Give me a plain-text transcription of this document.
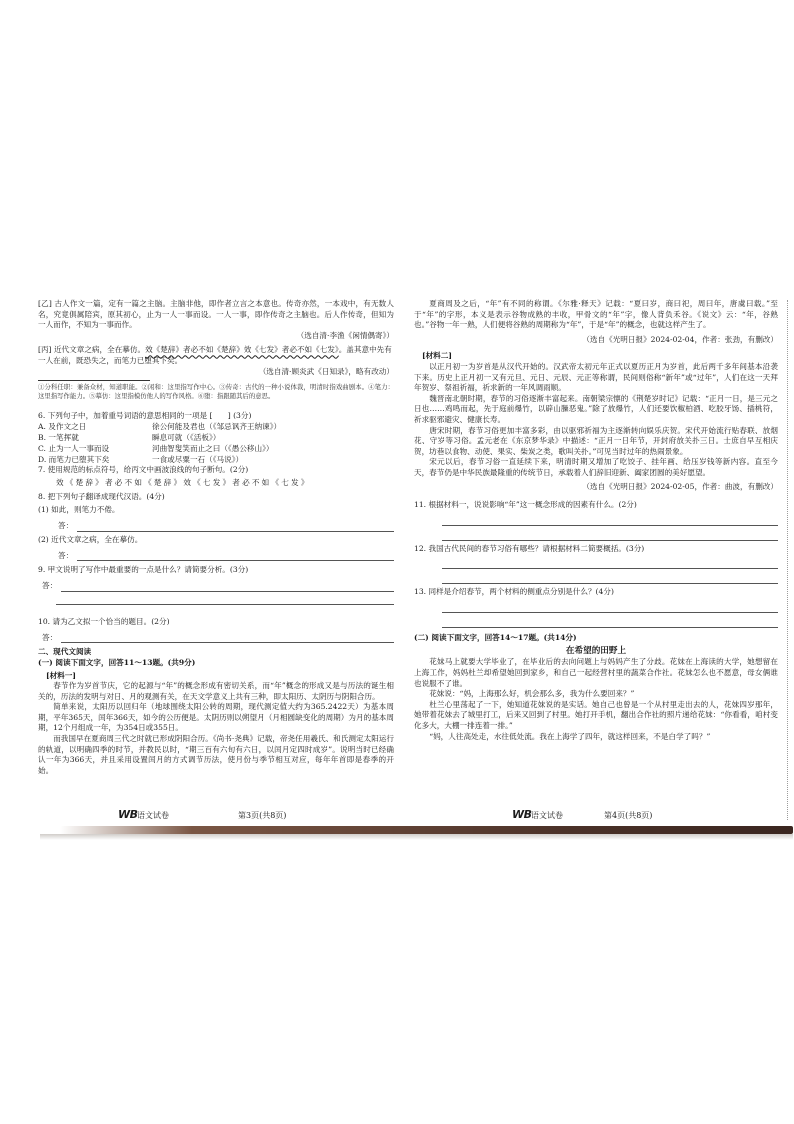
[乙] 古人作文一篇，定有一篇之主脑。主脑非他，即作者立言之本意也。传奇亦然，一本戏中，有无数人名，究竟俱属陪宾，原其初心，止为一人一事而设。一人一事，即作传奇之主脑也。后人作传奇，但知为一人而作，不知为一事而作。
（选自清·李渔《闲情偶寄》）
[丙] 近代文章之病，全在摹仿。效《楚辞》者必不如《楚辞》效《七发》者必不如《七发》。盖其意中先有一人在前，既恐失之，而笔力已堕其下矣。
（选自清·顾炎武《日知录》，略有改动）
①分科任职：兼备众材，知道职能。②闲和：这里指写作中心。③传奇：古代的一种小说体裁，明清时指戏曲剧本。④笔力：这里指写作能力。⑤摹仿：这里指模仿他人的写作风格。⑥堕：指跟随其后的意思。
6. 下列句子中，加着重号词语的意思相同的一项是 [　　] (3分)
A. 及作文之日	徐公何能及君也（《邹忌讽齐王纳谏》）
B. 一笔挥就	瞬息可就（《活板》）
C. 止为一人一事而设	河曲智叟笑而止之曰（《愚公移山》）
D. 而笔力已堕其下矣	一食或尽粟一石（《马说》）
7. 使用规范的标点符号，给丙文中画波浪线的句子断句。(2分)
效《楚辞》者必不如《楚辞》效《七发》者必不如《七发》
8. 把下列句子翻译成现代汉语。(4分)
(1) 如此，则笔力不倦。
答：
(2) 近代文章之病，全在摹仿。
答：
9. 甲文说明了写作中最重要的一点是什么？请简要分析。(3分)
答：
10. 请为乙文拟一个恰当的题目。(2分)
答：
二、现代文阅读
(一) 阅读下面文字，回答11～13题。(共9分)
[材料一]
春节作为岁首节庆，它的起源与“年”的概念形成有密切关系，而“年”概念的形成又是与历法的诞生相关的，历法的发明与对日、月的观测有关，在天文学意义上共有三种，即太阳历、太阴历与阴阳合历。
简单来说，太阳历以回归年（地球围绕太阳公转的周期，现代测定值大约为365.2422天）为基本周期，平年365天，闰年366天，如今的公历便是。太阴历则以朔望月（月相圆缺变化的周期）为月的基本周期，12个月组成一年，为354日或355日。
而我国早在夏商周三代之时就已形成阴阳合历。《尚书·尧典》记载，帝尧任用羲氏、和氏测定太阳运行的轨道，以明确四季的时节，并教民以时，“期三百有六旬有六日，以闰月定四时成岁”。说明当时已经确认一年为366天，并且采用设置闰月的方式调节历法，使月份与季节相互对应，每年年首即是春季的开始。
夏商周及之后，“年”有不同的称谓。《尔雅·释天》记载：“夏曰岁，商曰祀，周曰年，唐虞曰载。”至于“年”的字形，本义是表示谷物成熟的丰收，甲骨文的“年”字，像人背负禾谷。《说文》云：“年，谷熟也。”谷物一年一熟，人们便将谷熟的周期称为“年”，于是“年”的概念，也就这样产生了。
（选自《光明日报》2024-02-04，作者：张劲，有删改）
[材料二]
以正月初一为岁首是从汉代开始的。汉武帝太初元年正式以夏历正月为岁首，此后两千多年间基本沿袭下来。历史上正月初一又有元旦、元日、元辰、元正等称谓，民间则俗称“新年”或“过年”，人们在这一天拜年贺岁、祭祖祈福，祈求新的一年风调雨顺。
魏晋南北朝时期，春节的习俗逐渐丰富起来。南朝梁宗懔的《荆楚岁时记》记载：“正月一日，是三元之日也……鸡鸣而起，先于庭前爆竹，以辟山臊恶鬼。”除了放爆竹，人们还要饮椒柏酒、吃胶牙饧、插桃符，祈求驱邪避灾、健康长寿。
唐宋时期，春节习俗更加丰富多彩，由以驱邪祈福为主逐渐转向娱乐庆贺。宋代开始流行贴春联、放烟花、守岁等习俗。孟元老在《东京梦华录》中描述：“正月一日年节，开封府放关扑三日。士庶自早互相庆贺，坊巷以食物、动使、果实、柴炭之类，歌叫关扑。”可见当时过年的热闹景象。
宋元以后，春节习俗一直延续下来，明清时期又增加了吃饺子、挂年画、给压岁钱等新内容。直至今天，春节仍是中华民族最隆重的传统节日，承载着人们辞旧迎新、阖家团圆的美好愿望。
（选自《光明日报》2024-02-05，作者：曲波，有删改）
11. 根据材料一，说说影响“年”这一概念形成的因素有什么。(2分)
12. 我国古代民间的春节习俗有哪些？请根据材料二简要概括。(3分)
13. 同样是介绍春节，两个材料的侧重点分别是什么？(4分)
(二) 阅读下面文字，回答14～17题。(共14分)
在希望的田野上
花妹马上就要大学毕业了，在毕业后的去向问题上与妈妈产生了分歧。花妹在上海读的大学，她想留在上海工作，妈妈杜兰却希望她回到家乡，和自己一起经营村里的蔬菜合作社。花妹怎么也不愿意，母女俩谁也说服不了谁。
花妹说：“妈，上海那么好，机会那么多，我为什么要回来？”
杜兰心里荡起了一下，她知道花妹说的是实话。她自己也曾是一个从村里走出去的人，花妹四岁那年，她带着花妹去了城里打工，后来又回到了村里。她打开手机，翻出合作社的照片递给花妹：“你看看，咱村变化多大，大棚一排连着一排。”
“妈，人往高处走，水往低处流。我在上海学了四年，就这样回来，不是白学了吗？”
WB 语文试卷	第3页(共8页)	WB 语文试卷	第4页(共8页)
